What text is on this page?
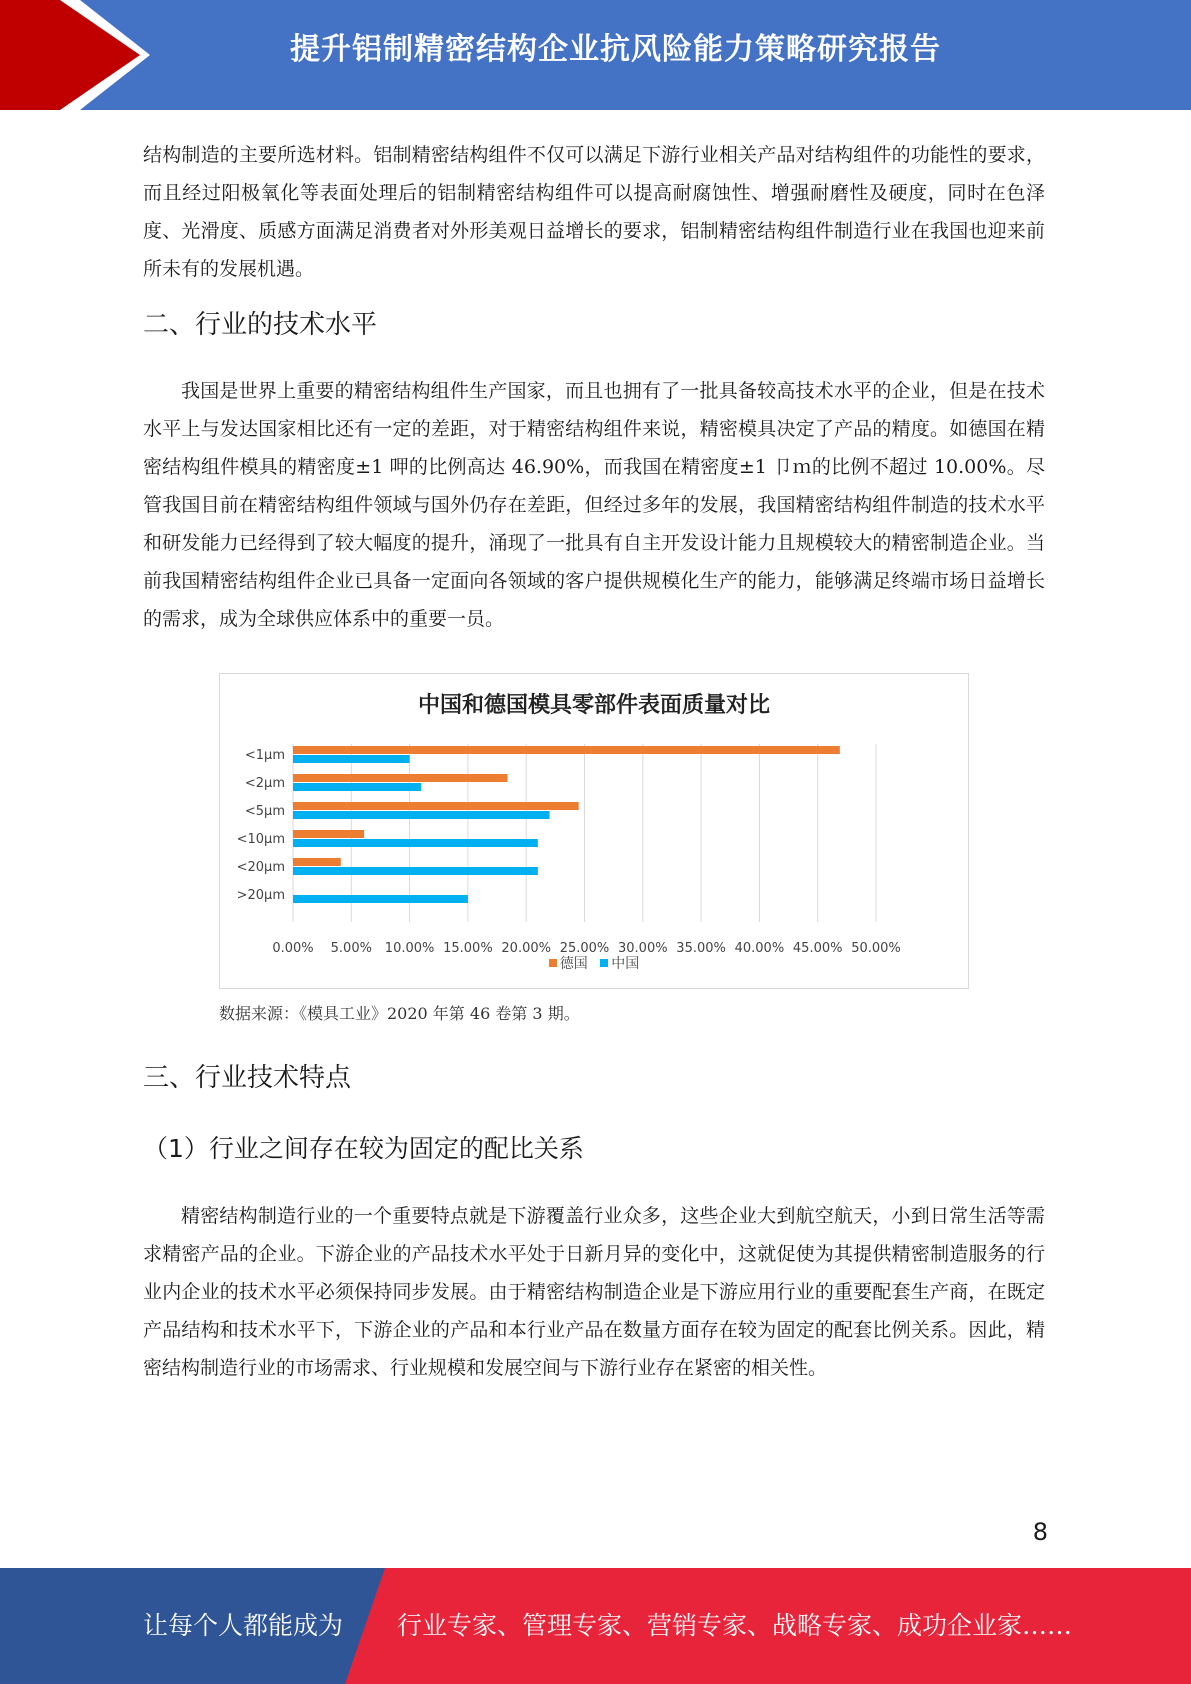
提升铝制精密结构企业抗风险能力策略研究报告

结构制造的主要所选材料。铝制精密结构组件不仅可以满足下游行业相关产品对结构组件的功能性的要求，而且经过阳极氧化等表面处理后的铝制精密结构组件可以提高耐腐蚀性、增强耐磨性及硬度，同时在色泽度、光滑度、质感方面满足消费者对外形美观日益增长的要求，铝制精密结构组件制造行业在我国也迎来前所未有的发展机遇。

二、行业的技术水平

我国是世界上重要的精密结构组件生产国家，而且也拥有了一批具备较高技术水平的企业，但是在技术水平上与发达国家相比还有一定的差距，对于精密结构组件来说，精密模具决定了产品的精度。如德国在精密结构组件模具的精密度±1 呷的比例高达 46.90%，而我国在精密度±1 卩ｍ的比例不超过 10.00%。尽管我国目前在精密结构组件领域与国外仍存在差距，但经过多年的发展，我国精密结构组件制造的技术水平和研发能力已经得到了较大幅度的提升，涌现了一批具有自主开发设计能力且规模较大的精密制造企业。当前我国精密结构组件企业已具备一定面向各领域的客户提供规模化生产的能力，能够满足终端市场日益增长的需求，成为全球供应体系中的重要一员。

中国和德国模具零部件表面质量对比
0.00% 5.00% 10.00% 15.00% 20.00% 25.00% 30.00% 35.00% 40.00% 45.00% 50.00%
<1μm
<2μm
<5μm
<10μm
<20μm
>20μm
德国 中国
数据来源：《模具工业》2020 年第 46 卷第 3 期。
三、行业技术特点
（1）行业之间存在较为固定的配比关系

精密结构制造行业的一个重要特点就是下游覆盖行业众多，这些企业大到航空航天，小到日常生活等需求精密产品的企业。下游企业的产品技术水平处于日新月异的变化中，这就促使为其提供精密制造服务的行业内企业的技术水平必须保持同步发展。由于精密结构制造企业是下游应用行业的重要配套生产商，在既定产品结构和技术水平下，下游企业的产品和本行业产品在数量方面存在较为固定的配套比例关系。因此，精密结构制造行业的市场需求、行业规模和发展空间与下游行业存在紧密的相关性。

8
让每个人都能成为 行业专家、管理专家、营销专家、战略专家、成功企业家……
